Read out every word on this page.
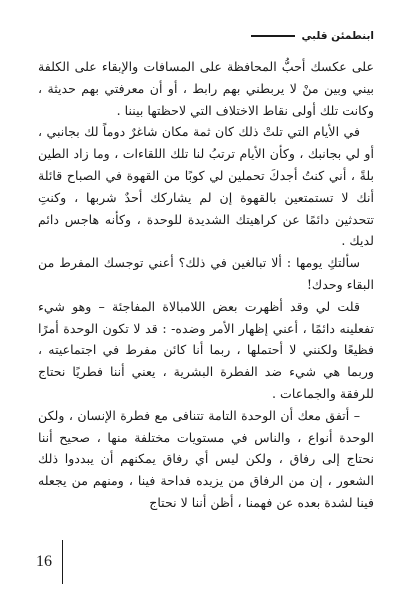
ابنطمئن قلبي

على عكسك أحبُّ المحافظة على المسافات والإبقاء على الكلفة بيني وبين منْ لا يربطني بهم رابط ، أو أن معرفتي بهم حديثة ، وكانت تلك أولى نقاط الاختلاف التي لاحظتها بيننا .

في الأيام التي تلتْ ذلك كان ثمة مكان شاغرٌ دوماً لك بجانبي ، أو لي بجانبك ، وكأن الأيام ترتبُ لنا تلك اللقاءات ، وما زاد الطين بلةً ، أني كنتُ أجدكَ تحملين لي كوبًا من القهوة في الصباح قائلة أنك لا تستمتعين بالقهوة إن لم يشاركك أحدٌ شربها ، وكنتِ تتحدثين دائمًا عن كراهيتك الشديدة للوحدة ، وكأنه هاجس دائم لديك .

سألتكِ يومها : ألا تبالغين في ذلك؟ أعني توجسك المفرط من البقاء وحدك!

قلت لي وقد أظهرت بعض اللامبالاة المفاجئة – وهو شيء تفعلينه دائمًا ، أعني إظهار الأمر وضده- : قد لا تكون الوحدة أمرًا فظيعًا ولكنني لا أحتملها ، ربما أنا كائن مفرط في اجتماعيته ، وربما هي شيء ضد الفطرة البشرية ، يعني أننا فطريًا نحتاج للرفقة والجماعات .

– أتفق معك أن الوحدة التامة تتنافى مع فطرة الإنسان ، ولكن الوحدة أنواع ، والناس في مستويات مختلفة منها ، صحيح أننا نحتاج إلى رفاق ، ولكن ليس أي رفاق يمكنهم أن يبددوا ذلك الشعور ، إن من الرفاق من يزيده فداحة فينا ، ومنهم من يجعله فينا لشدة بعده عن فهمنا ، أظن أننا لا نحتاج

16
